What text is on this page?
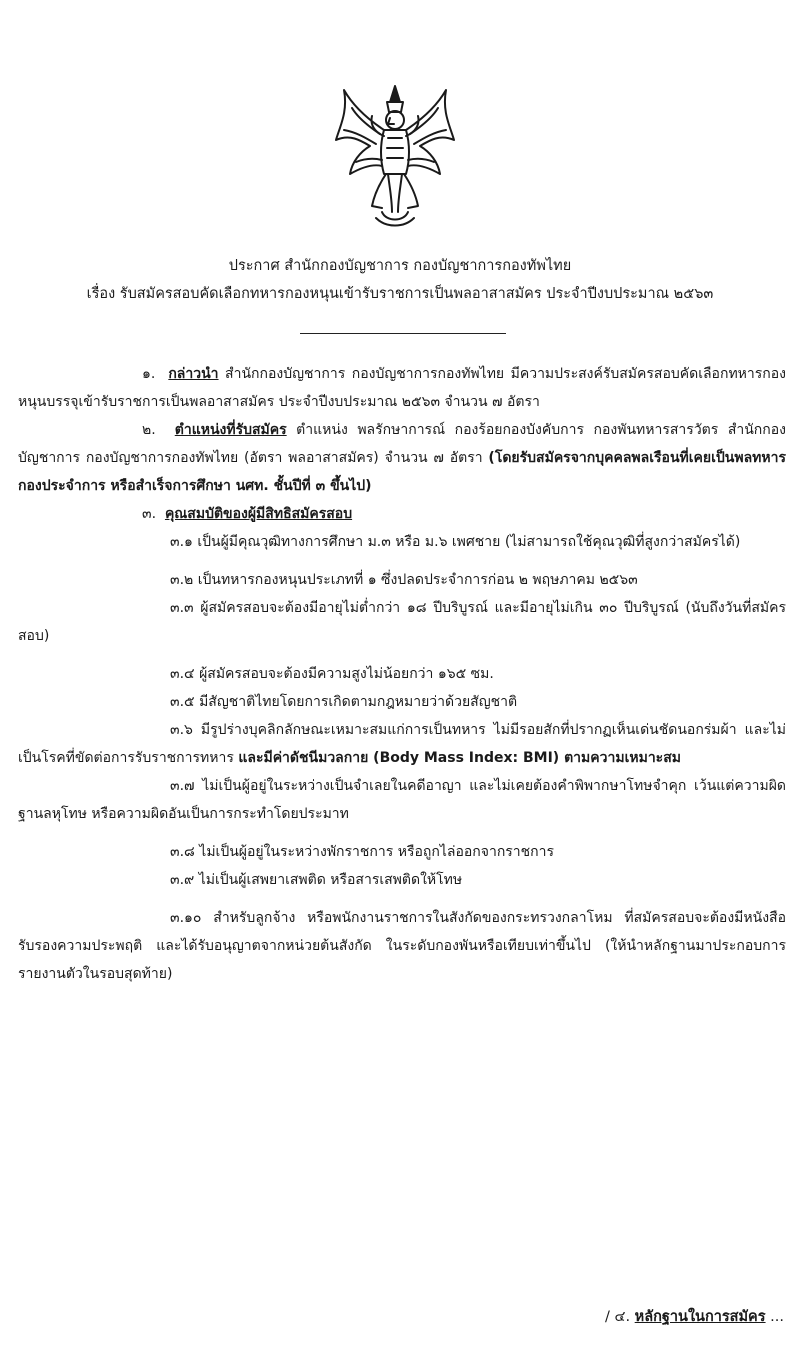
ประกาศ สำนักกองบัญชาการ กองบัญชาการกองทัพไทย
เรื่อง รับสมัครสอบคัดเลือกทหารกองหนุนเข้ารับราชการเป็นพลอาสาสมัคร ประจำปีงบประมาณ ๒๕๖๓

๑. กล่าวนำ สำนักกองบัญชาการ กองบัญชาการกองทัพไทย มีความประสงค์รับสมัครสอบคัดเลือกทหารกองหนุนบรรจุเข้ารับราชการเป็นพลอาสาสมัคร ประจำปีงบประมาณ ๒๕๖๓ จำนวน ๗ อัตรา

๒. ตำแหน่งที่รับสมัคร ตำแหน่ง พลรักษาการณ์ กองร้อยกองบังคับการ กองพันทหารสารวัตร สำนักกองบัญชาการ กองบัญชาการกองทัพไทย (อัตรา พลอาสาสมัคร) จำนวน ๗ อัตรา (โดยรับสมัครจากบุคคลพลเรือนที่เคยเป็นพลทหารกองประจำการ หรือสำเร็จการศึกษา นศท. ชั้นปีที่ ๓ ขึ้นไป)

๓. คุณสมบัติของผู้มีสิทธิสมัครสอบ

๓.๑ เป็นผู้มีคุณวุฒิทางการศึกษา ม.๓ หรือ ม.๖ เพศชาย (ไม่สามารถใช้คุณวุฒิที่สูงกว่าสมัครได้)

๓.๒ เป็นทหารกองหนุนประเภทที่ ๑ ซึ่งปลดประจำการก่อน ๒ พฤษภาคม ๒๕๖๓

๓.๓ ผู้สมัครสอบจะต้องมีอายุไม่ต่ำกว่า ๑๘ ปีบริบูรณ์ และมีอายุไม่เกิน ๓๐ ปีบริบูรณ์ (นับถึงวันที่สมัครสอบ)

๓.๔ ผู้สมัครสอบจะต้องมีความสูงไม่น้อยกว่า ๑๖๕ ซม.

๓.๕ มีสัญชาติไทยโดยการเกิดตามกฎหมายว่าด้วยสัญชาติ

๓.๖ มีรูปร่างบุคลิกลักษณะเหมาะสมแก่การเป็นทหาร ไม่มีรอยสักที่ปรากฏเห็นเด่นชัดนอกร่มผ้า และไม่เป็นโรคที่ขัดต่อการรับราชการทหาร และมีค่าดัชนีมวลกาย (Body Mass Index: BMI) ตามความเหมาะสม

๓.๗ ไม่เป็นผู้อยู่ในระหว่างเป็นจำเลยในคดีอาญา และไม่เคยต้องคำพิพากษาโทษจำคุก เว้นแต่ความผิดฐานลหุโทษ หรือความผิดอันเป็นการกระทำโดยประมาท

๓.๘ ไม่เป็นผู้อยู่ในระหว่างพักราชการ หรือถูกไล่ออกจากราชการ

๓.๙ ไม่เป็นผู้เสพยาเสพติด หรือสารเสพติดให้โทษ

๓.๑๐ สำหรับลูกจ้าง หรือพนักงานราชการในสังกัดของกระทรวงกลาโหม ที่สมัครสอบจะต้องมีหนังสือรับรองความประพฤติ และได้รับอนุญาตจากหน่วยต้นสังกัด ในระดับกองพันหรือเทียบเท่าขึ้นไป (ให้นำหลักฐานมาประกอบการรายงานตัวในรอบสุดท้าย)

/ ๔. หลักฐานในการสมัคร ...
